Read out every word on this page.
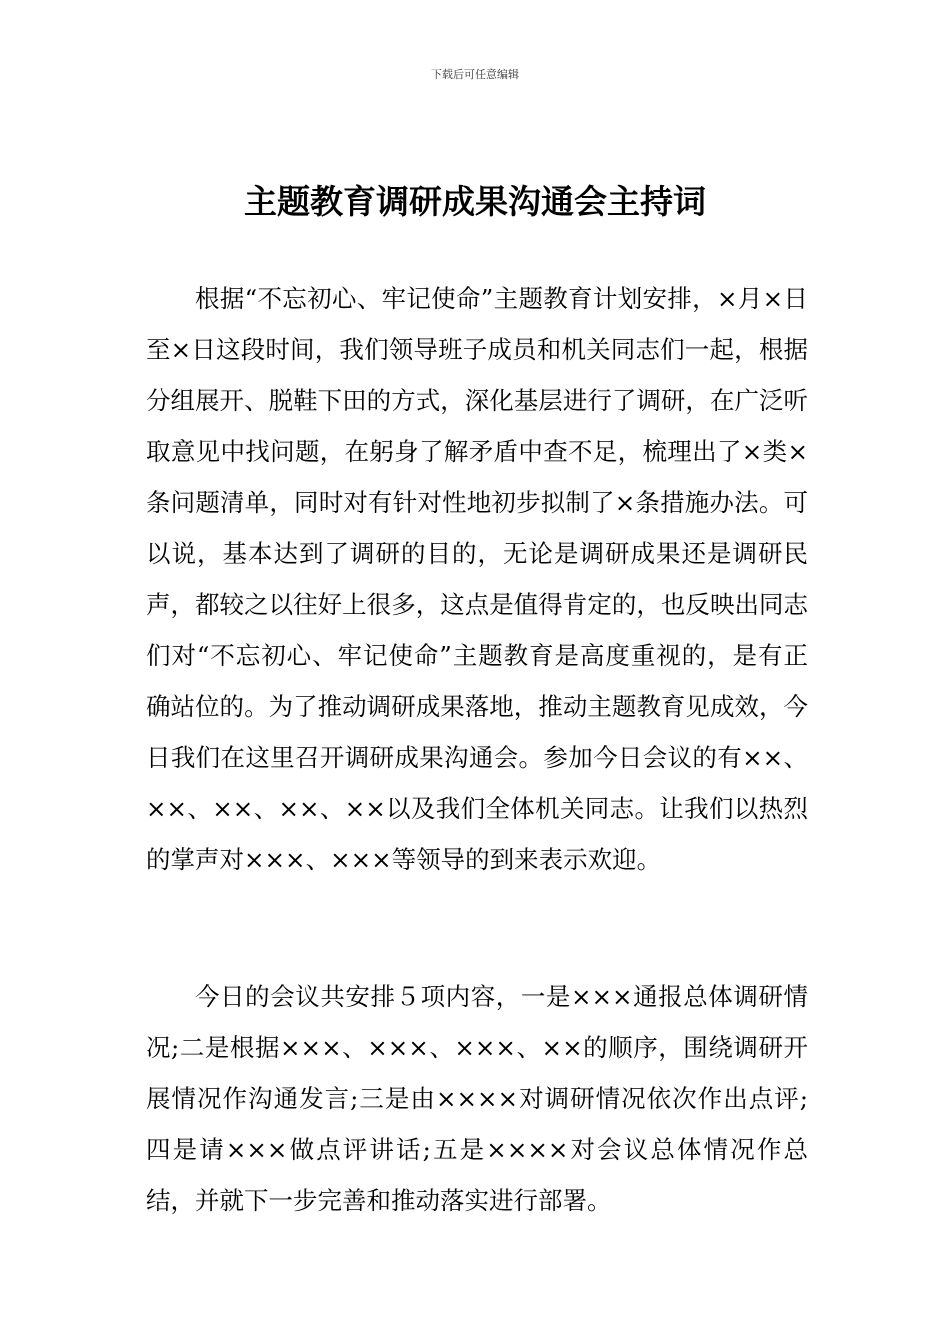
下载后可任意编辑
主题教育调研成果沟通会主持词

根据“不忘初心、牢记使命”主题教育计划安排，×月×日至×日这段时间，我们领导班子成员和机关同志们一起，根据分组展开、脱鞋下田的方式，深化基层进行了调研，在广泛听取意见中找问题，在躬身了解矛盾中查不足，梳理出了×类×条问题清单，同时对有针对性地初步拟制了×条措施办法。可以说，基本达到了调研的目的，无论是调研成果还是调研民声，都较之以往好上很多，这点是值得肯定的，也反映出同志们对“不忘初心、牢记使命”主题教育是高度重视的，是有正确站位的。为了推动调研成果落地，推动主题教育见成效，今日我们在这里召开调研成果沟通会。参加今日会议的有××、××、××、××、××以及我们全体机关同志。让我们以热烈的掌声对×××、×××等领导的到来表示欢迎。

今日的会议共安排５项内容，一是×××通报总体调研情况;二是根据×××、×××、×××、××的顺序，围绕调研开展情况作沟通发言;三是由××××对调研情况依次作出点评;四是请×××做点评讲话;五是××××对会议总体情况作总结，并就下一步完善和推动落实进行部署。
